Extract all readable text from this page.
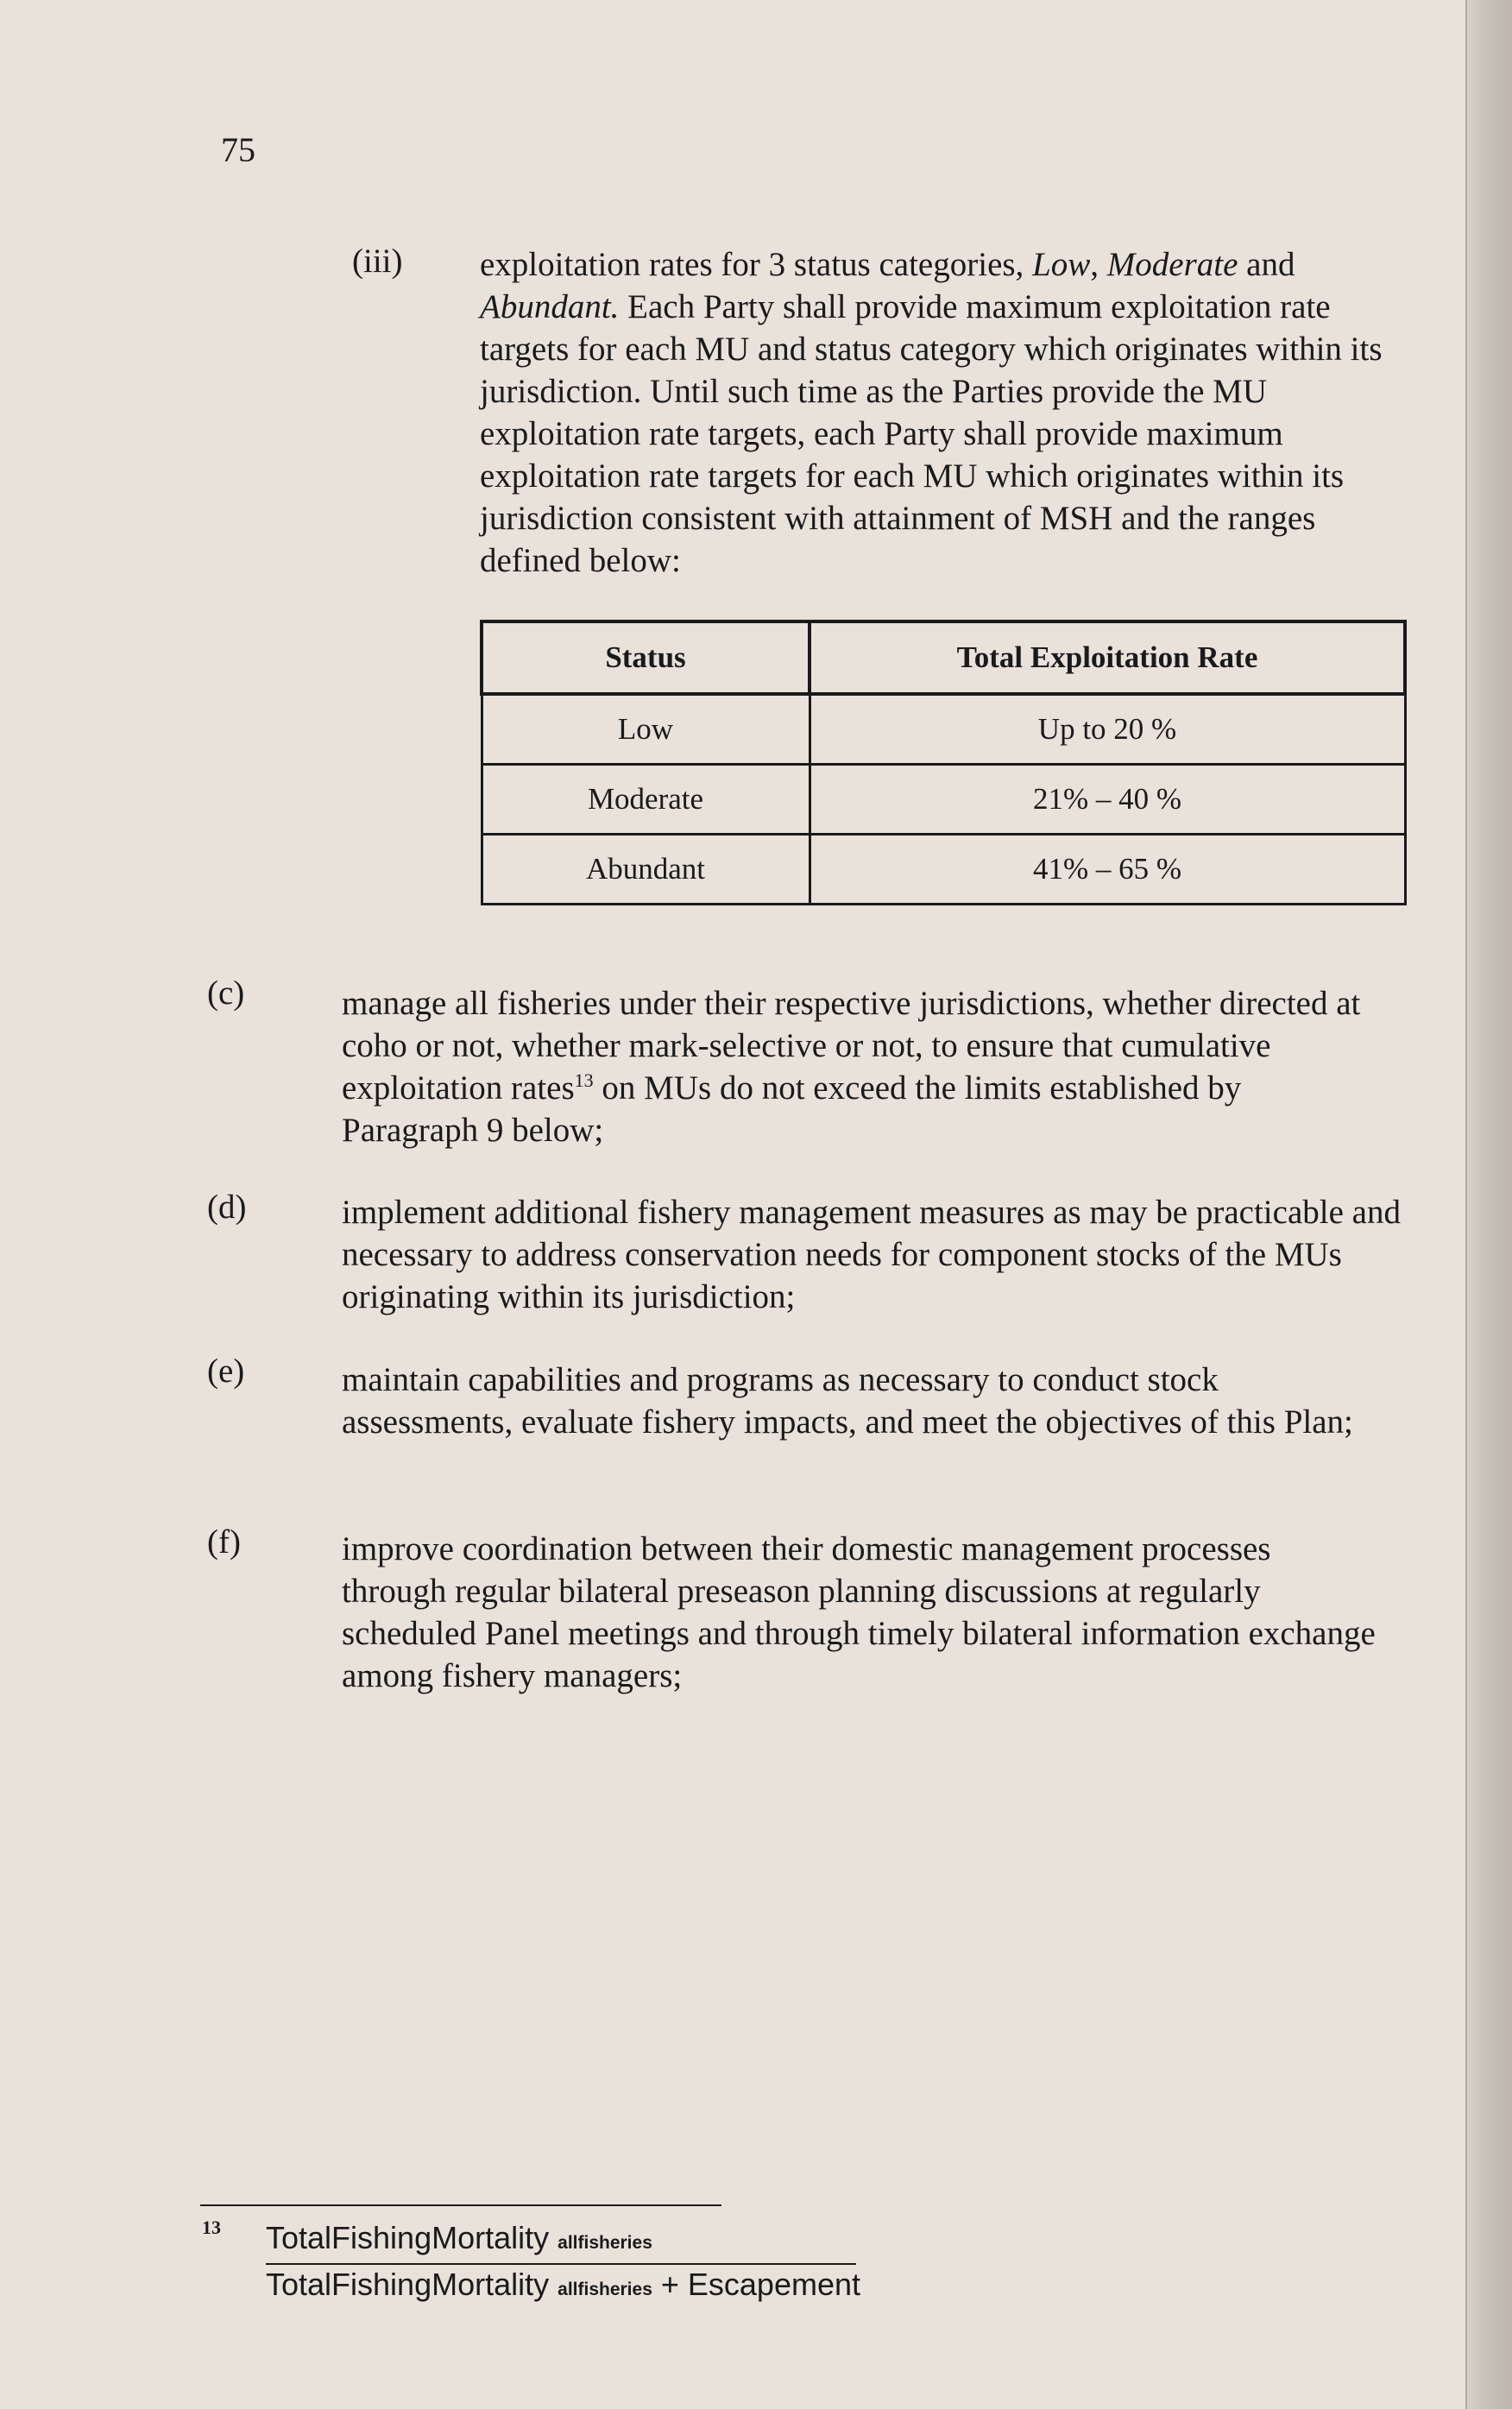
75
(iii) exploitation rates for 3 status categories, Low, Moderate and Abundant. Each Party shall provide maximum exploitation rate targets for each MU and status category which originates within its jurisdiction. Until such time as the Parties provide the MU exploitation rate targets, each Party shall provide maximum exploitation rate targets for each MU which originates within its jurisdiction consistent with attainment of MSH and the ranges defined below:
Status	Total Exploitation Rate
Low	Up to 20 %
Moderate	21% – 40 %
Abundant	41% – 65 %
(c)	manage all fisheries under their respective jurisdictions, whether directed at coho or not, whether mark-selective or not, to ensure that cumulative exploitation rates$^{13}$ on MUs do not exceed the limits established by Paragraph 9 below;
(d)	implement additional fishery management measures as may be practicable and necessary to address conservation needs for component stocks of the MUs originating within its jurisdiction;
(e)	maintain capabilities and programs as necessary to conduct stock assessments, evaluate fishery impacts, and meet the objectives of this Plan;
(f)	improve coordination between their domestic management processes through regular bilateral preseason planning discussions at regularly scheduled Panel meetings and through timely bilateral information exchange among fishery managers;
13 TotalFishingMortality allfisheries
TotalFishingMortality allfisheries + Escapement
